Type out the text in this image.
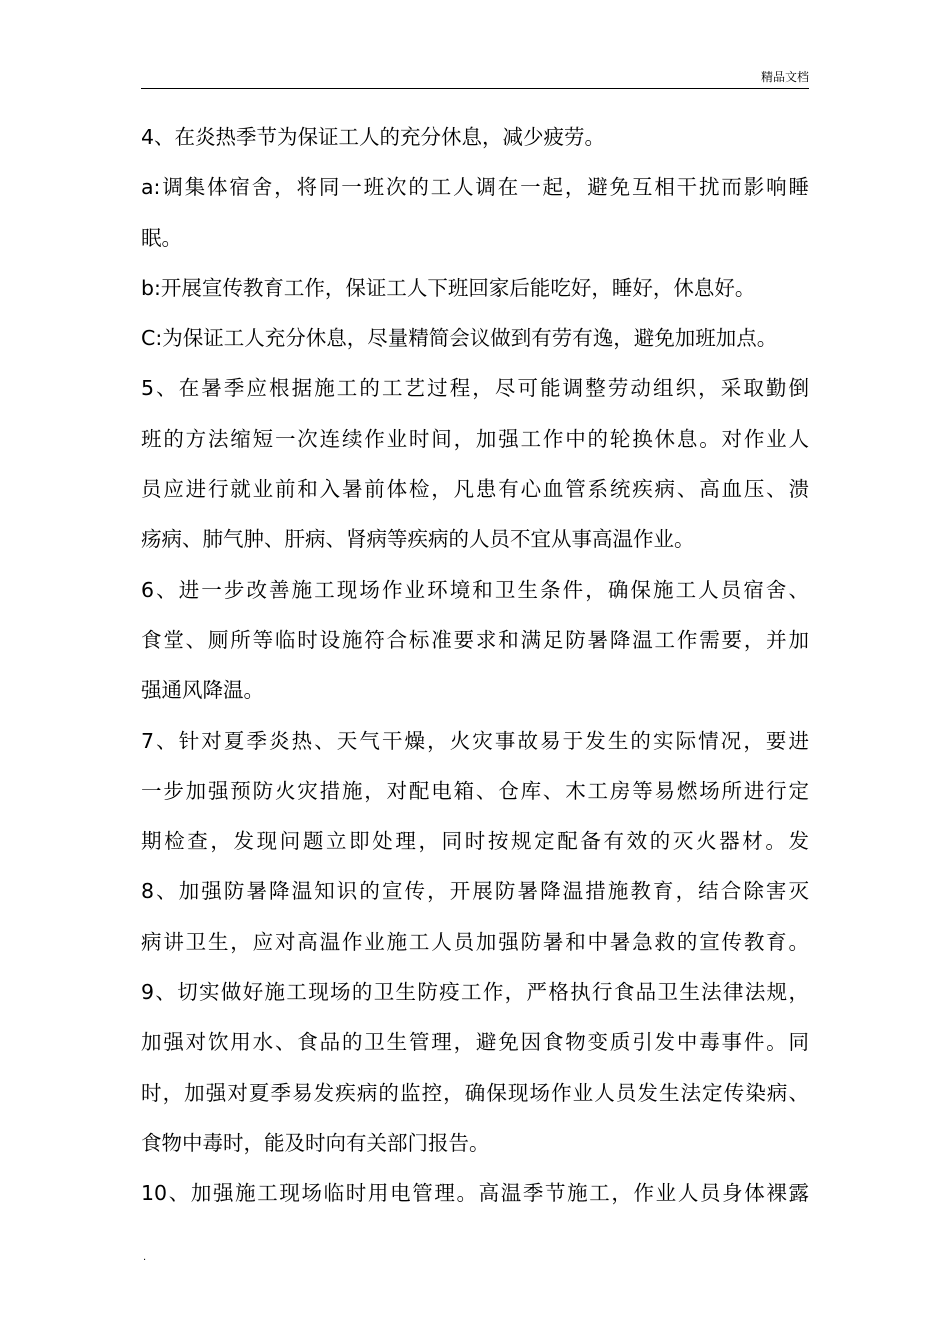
精品文档

4、在炎热季节为保证工人的充分休息，减少疲劳。

a:调集体宿舍，将同一班次的工人调在一起，避免互相干扰而影响睡
眠。

b:开展宣传教育工作，保证工人下班回家后能吃好，睡好，休息好。

C:为保证工人充分休息，尽量精简会议做到有劳有逸，避免加班加点。

5、在暑季应根据施工的工艺过程，尽可能调整劳动组织，采取勤倒
班的方法缩短一次连续作业时间，加强工作中的轮换休息。对作业人
员应进行就业前和入暑前体检，凡患有心血管系统疾病、高血压、溃
疡病、肺气肿、肝病、肾病等疾病的人员不宜从事高温作业。

6、进一步改善施工现场作业环境和卫生条件，确保施工人员宿舍、
食堂、厕所等临时设施符合标准要求和满足防暑降温工作需要，并加
强通风降温。

7、针对夏季炎热、天气干燥，火灾事故易于发生的实际情况，要进
一步加强预防火灾措施，对配电箱、仓库、木工房等易燃场所进行定
期检查，发现问题立即处理，同时按规定配备有效的灭火器材。发

8、加强防暑降温知识的宣传，开展防暑降温措施教育，结合除害灭
病讲卫生，应对高温作业施工人员加强防暑和中暑急救的宣传教育。

9、切实做好施工现场的卫生防疫工作，严格执行食品卫生法律法规，
加强对饮用水、食品的卫生管理，避免因食物变质引发中毒事件。同
时，加强对夏季易发疾病的监控，确保现场作业人员发生法定传染病、
食物中毒时，能及时向有关部门报告。

10、加强施工现场临时用电管理。高温季节施工，作业人员身体裸露

.
